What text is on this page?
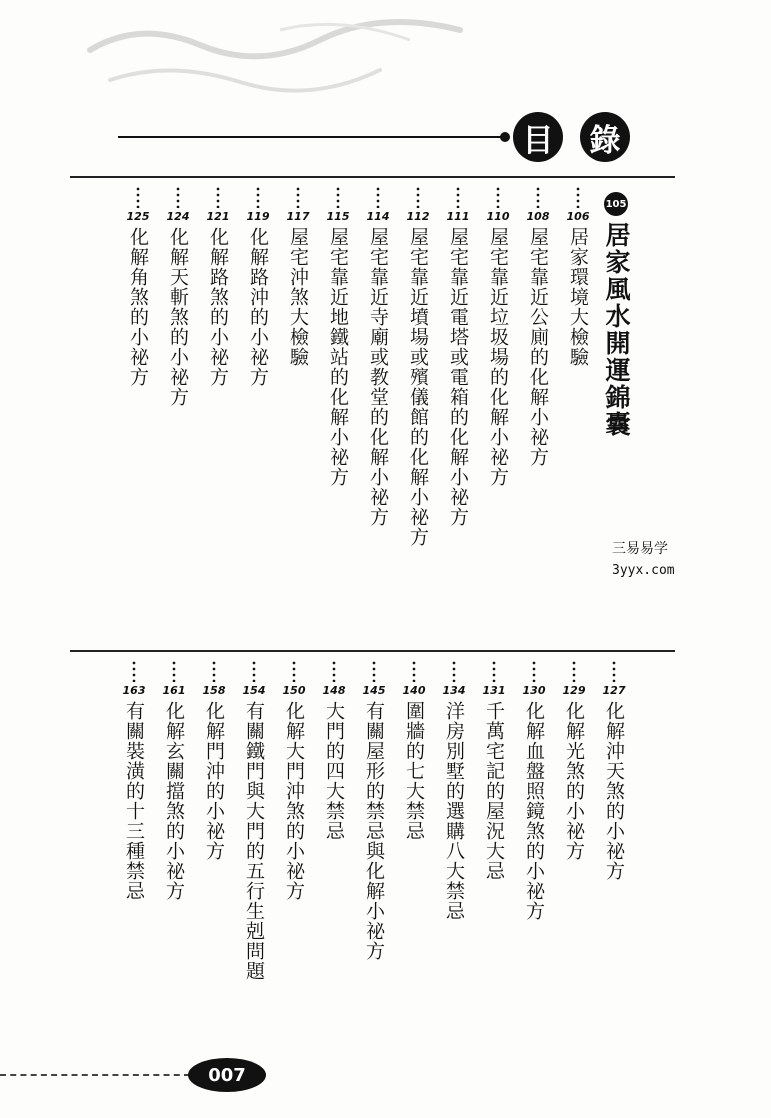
目	錄
105
居家風水開運錦囊
106
居家環境大檢驗
108
屋宅靠近公廁的化解小祕方
110
屋宅靠近垃圾場的化解小祕方
111
屋宅靠近電塔或電箱的化解小祕方
112
屋宅靠近墳場或殯儀館的化解小祕方
114
屋宅靠近寺廟或教堂的化解小祕方
115
屋宅靠近地鐵站的化解小祕方
117
屋宅沖煞大檢驗
119
化解路沖的小祕方
121
化解路煞的小祕方
124
化解天斬煞的小祕方
125
化解角煞的小祕方
127
化解沖天煞的小祕方
129
化解光煞的小祕方
130
化解血盤照鏡煞的小祕方
131
千萬宅記的屋況大忌
134
洋房別墅的選購八大禁忌
140
圍牆的七大禁忌
145
有關屋形的禁忌與化解小祕方
148
大門的四大禁忌
150
化解大門沖煞的小祕方
154
有關鐵門與大門的五行生剋問題
158
化解門沖的小祕方
161
化解玄關擋煞的小祕方
163
有關裝潢的十三種禁忌
三易易学
3yyx.com
007
